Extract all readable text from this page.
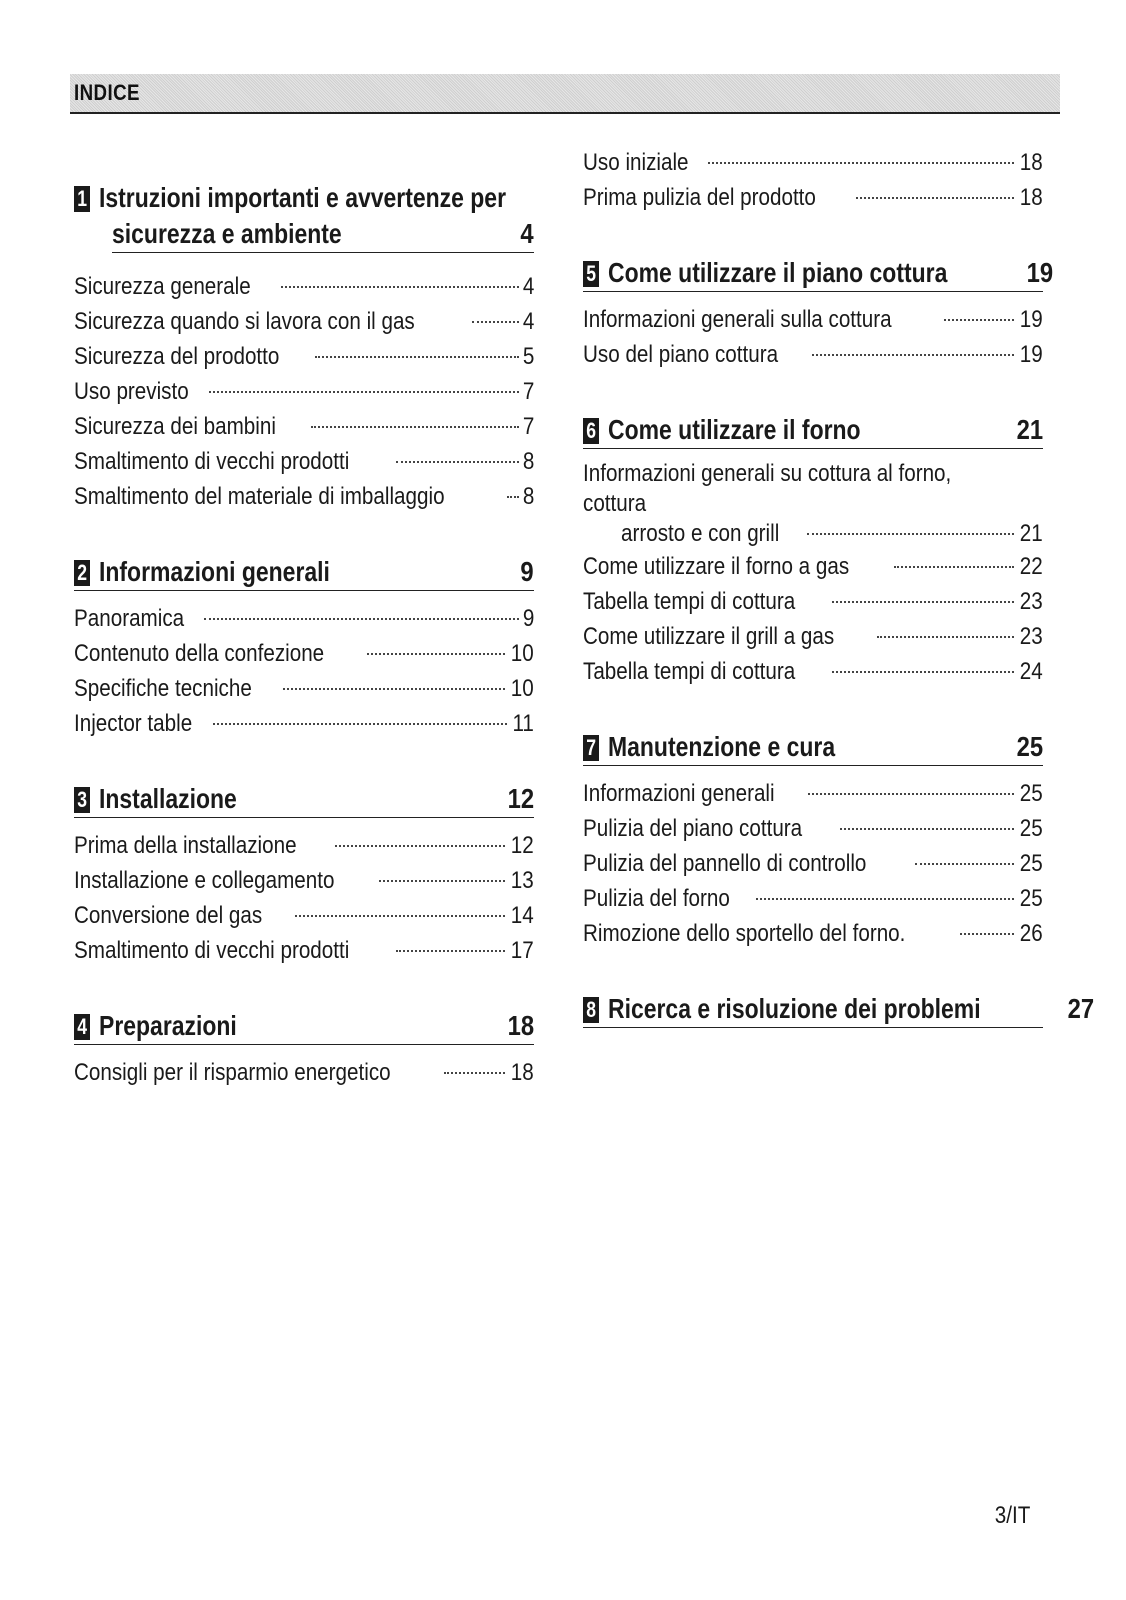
INDICE
1 Istruzioni importanti e avvertenze per
sicurezza e ambiente	4
Sicurezza generale	4
Sicurezza quando si lavora con il gas	4
Sicurezza del prodotto	5
Uso previsto	7
Sicurezza dei bambini	7
Smaltimento di vecchi prodotti	8
Smaltimento del materiale di imballaggio	8
2 Informazioni generali	9
Panoramica	9
Contenuto della confezione	10
Specifiche tecniche	10
Injector table	11
3 Installazione	12
Prima della installazione	12
Installazione e collegamento	13
Conversione del gas	14
Smaltimento di vecchi prodotti	17
4 Preparazioni	18
Consigli per il risparmio energetico	18
Uso iniziale	18
Prima pulizia del prodotto	18
5 Come utilizzare il piano cottura	19
Informazioni generali sulla cottura	19
Uso del piano cottura	19
6 Come utilizzare il forno	21
Informazioni generali su cottura al forno, cottura
arrosto e con grill	21
Come utilizzare il forno a gas	22
Tabella tempi di cottura	23
Come utilizzare il grill a gas	23
Tabella tempi di cottura	24
7 Manutenzione e cura	25
Informazioni generali	25
Pulizia del piano cottura	25
Pulizia del pannello di controllo	25
Pulizia del forno	25
Rimozione dello sportello del forno.	26
8 Ricerca e risoluzione dei problemi	27
3/IT
